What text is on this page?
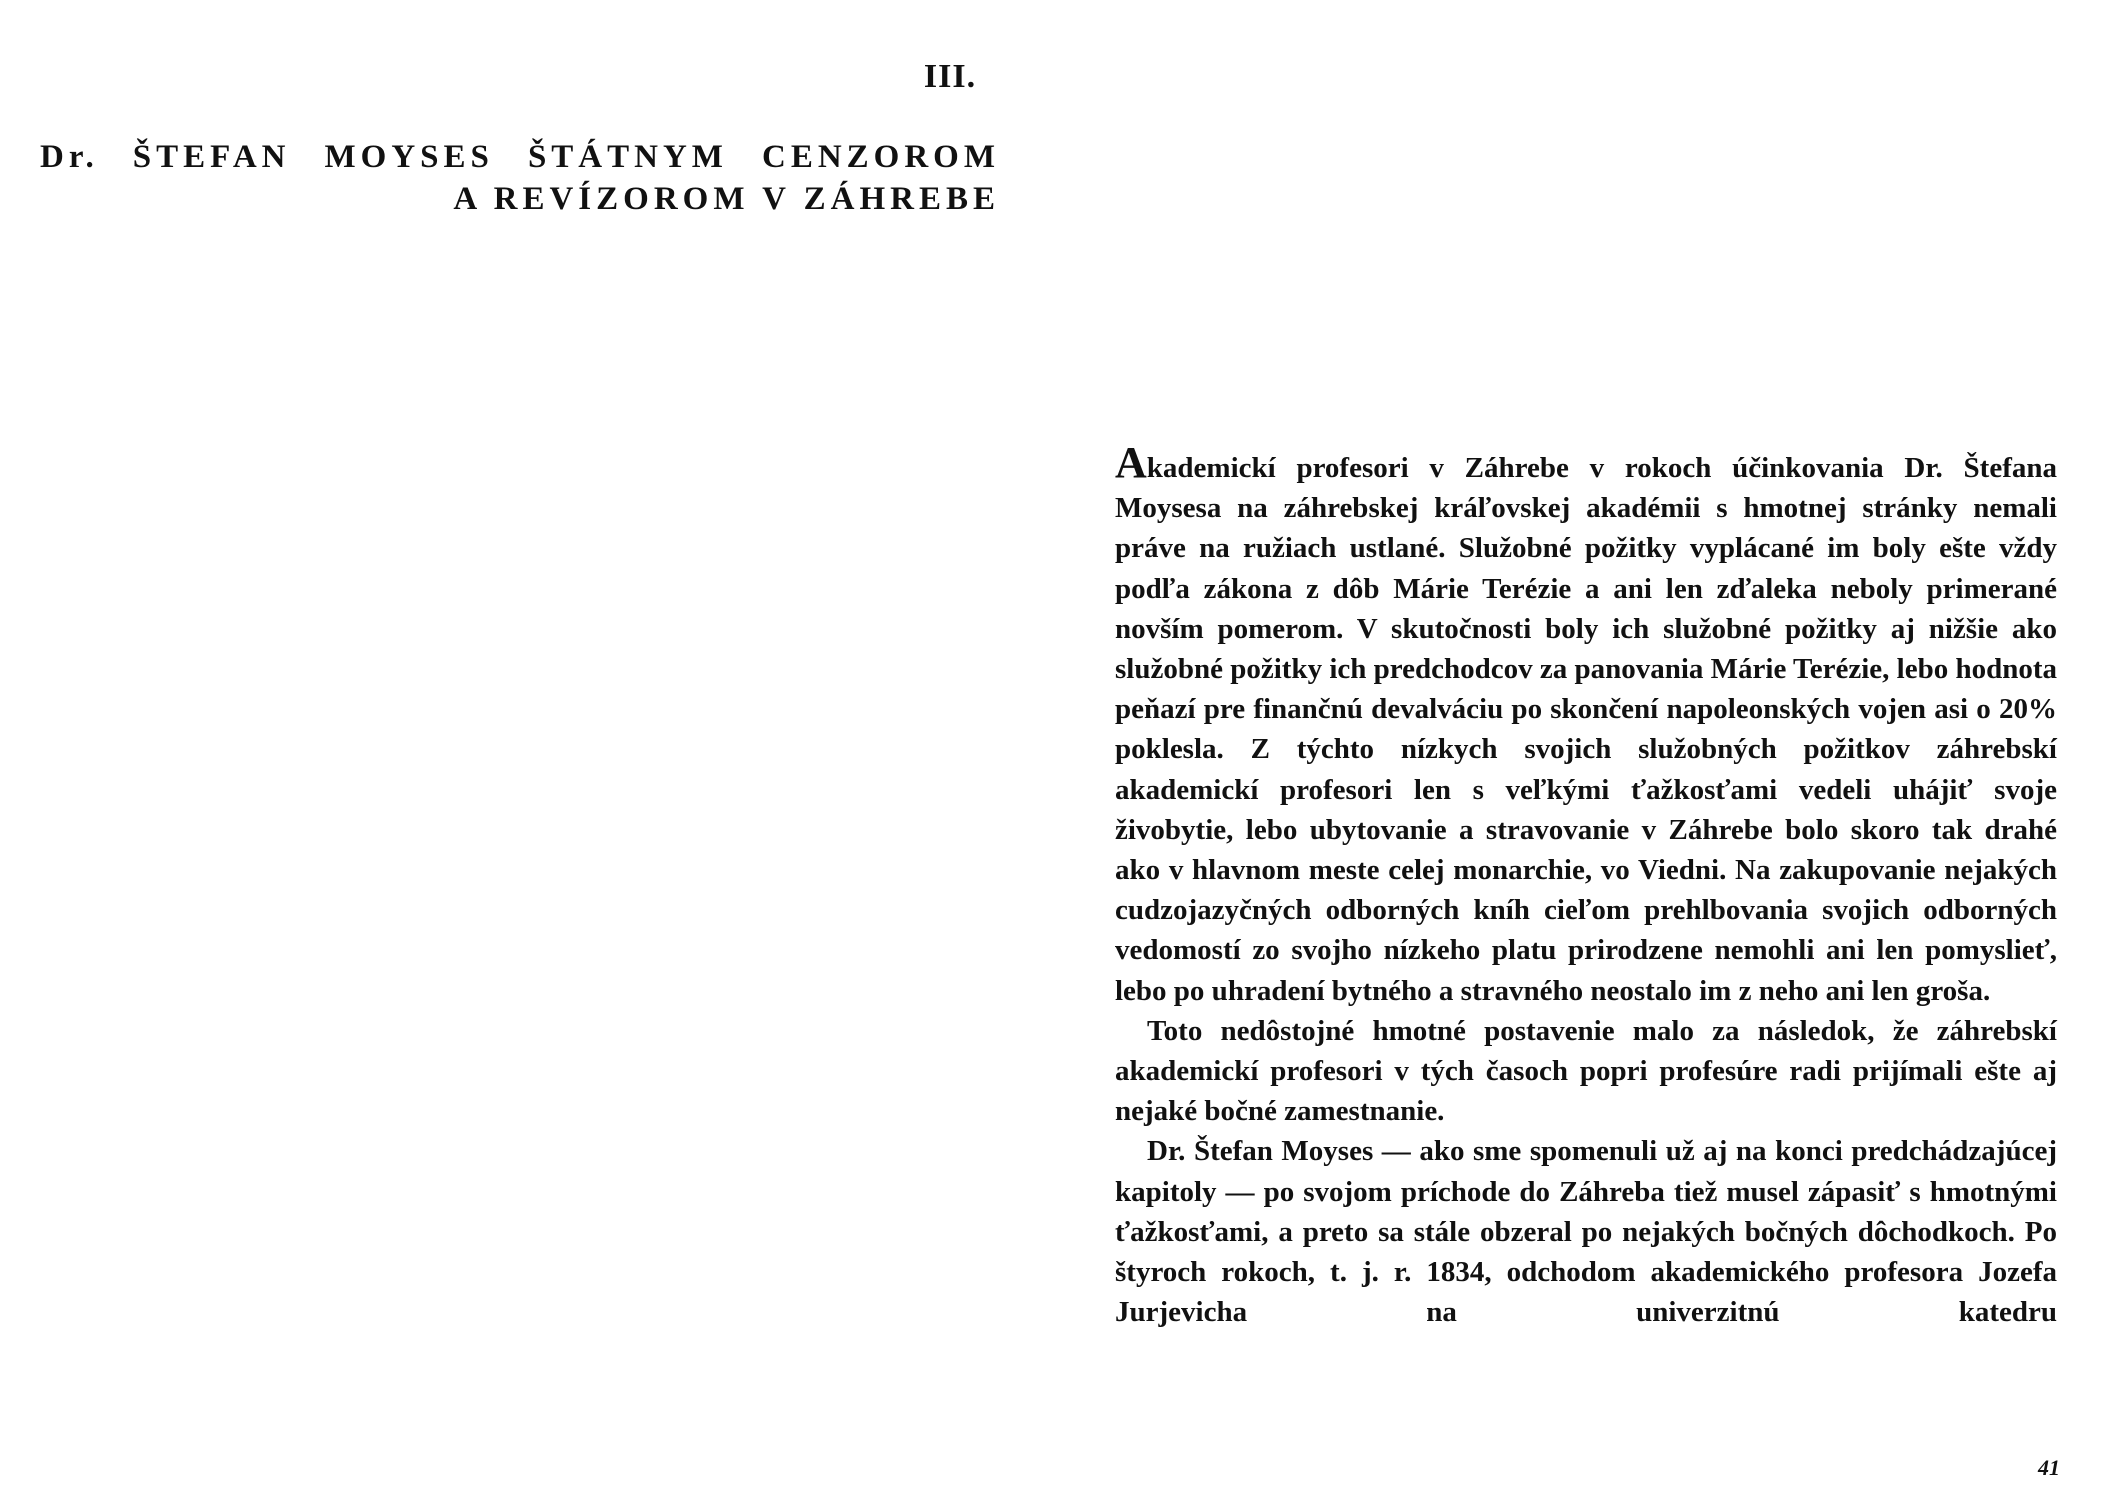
III.
Dr. ŠTEFAN MOYSES ŠTÁTNYM CENZOROM
A REVÍZOROM V ZÁHREBE

Akademickí profesori v Záhrebe v rokoch účinkovania Dr. Štefana Moysesa na záhrebskej kráľovskej akadémii s hmotnej stránky nemali práve na ružiach ustlané. Služobné požitky vyplácané im boly ešte vždy podľa zákona z dôb Márie Terézie a ani len zďaleka neboly primerané novším pomerom. V skutočnosti boly ich služobné požitky aj nižšie ako služobné požitky ich predchodcov za panovania Márie Terézie, lebo hodnota peňazí pre finančnú devalváciu po skončení napoleonských vojen asi o 20% poklesla. Z týchto nízkych svojich služobných požitkov záhrebskí akademickí profesori len s veľkými ťažkosťami vedeli uhájiť svoje živobytie, lebo ubytovanie a stravovanie v Záhrebe bolo skoro tak drahé ako v hlavnom meste celej monarchie, vo Viedni. Na zakupovanie nejakých cudzojazyčných odborných kníh cieľom prehlbovania svojich odborných vedomostí zo svojho nízkeho platu prirodzene nemohli ani len pomyslieť, lebo po uhradení bytného a stravného neostalo im z neho ani len groša.

Toto nedôstojné hmotné postavenie malo za následok, že záhrebskí akademickí profesori v tých časoch popri profesúre radi prijímali ešte aj nejaké bočné zamestnanie.

Dr. Štefan Moyses — ako sme spomenuli už aj na konci predchádzajúcej kapitoly — po svojom príchode do Záhreba tiež musel zápasiť s hmotnými ťažkosťami, a preto sa stále obzeral po nejakých bočných dôchodkoch. Po štyroch rokoch, t. j. r. 1834, odchodom akademického profesora Jozefa Jurjevicha na univerzitnú katedru

41
